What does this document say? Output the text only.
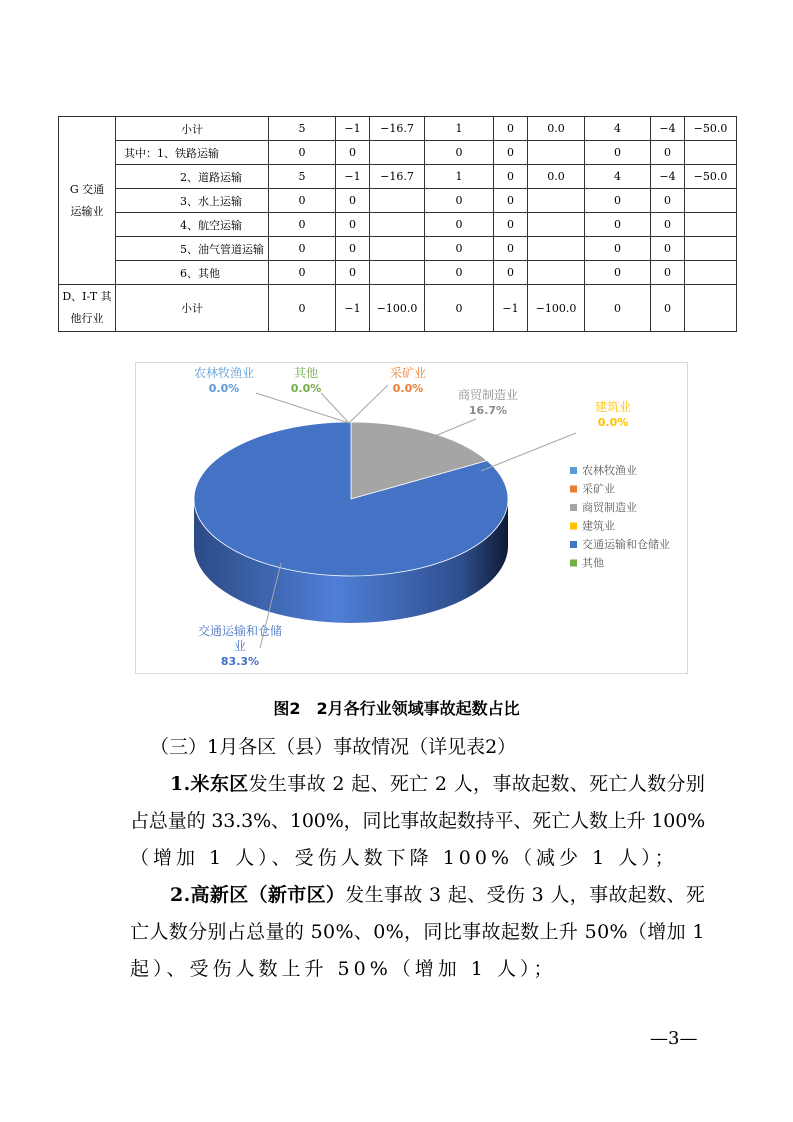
G 交通运输业	小计	5	−1	−16.7	1	0	0.0	4	−4	−50.0
	其中：1、铁路运输	0	0		0	0		0	0	
	2、道路运输	5	−1	−16.7	1	0	0.0	4	−4	−50.0
	3、水上运输	0	0		0	0		0	0	
	4、航空运输	0	0		0	0		0	0	
	5、油气管道运输	0	0		0	0		0	0	
	6、其他	0	0		0	0		0	0	
D、I-T 其他行业	小计	0	−1	−100.0	0	−1	−100.0	0	0	
农林牧渔业
0.0%
采矿业
0.0%	商贸制造业
16.7%	建筑业
0.0%
交通运输和仓储
业
83.3%
其他
0.0%
农林牧渔业
采矿业
商贸制造业
建筑业
交通运输和仓储业
其他
图2　2月各行业领域事故起数占比
（三）1月各区（县）事故情况（详见表2）
1.米东区发生事故 2 起、死亡 2 人，事故起数、死亡人数分别
占总量的 33.3%、100%，同比事故起数持平、死亡人数上升 100%
（增加 1 人）、受伤人数下降 100%（减少 1 人）；
2.高新区（新市区）发生事故 3 起、受伤 3 人，事故起数、死
亡人数分别占总量的 50%、0%，同比事故起数上升 50%（增加 1
起）、受伤人数上升 50%（增加 1 人）；
—3—
